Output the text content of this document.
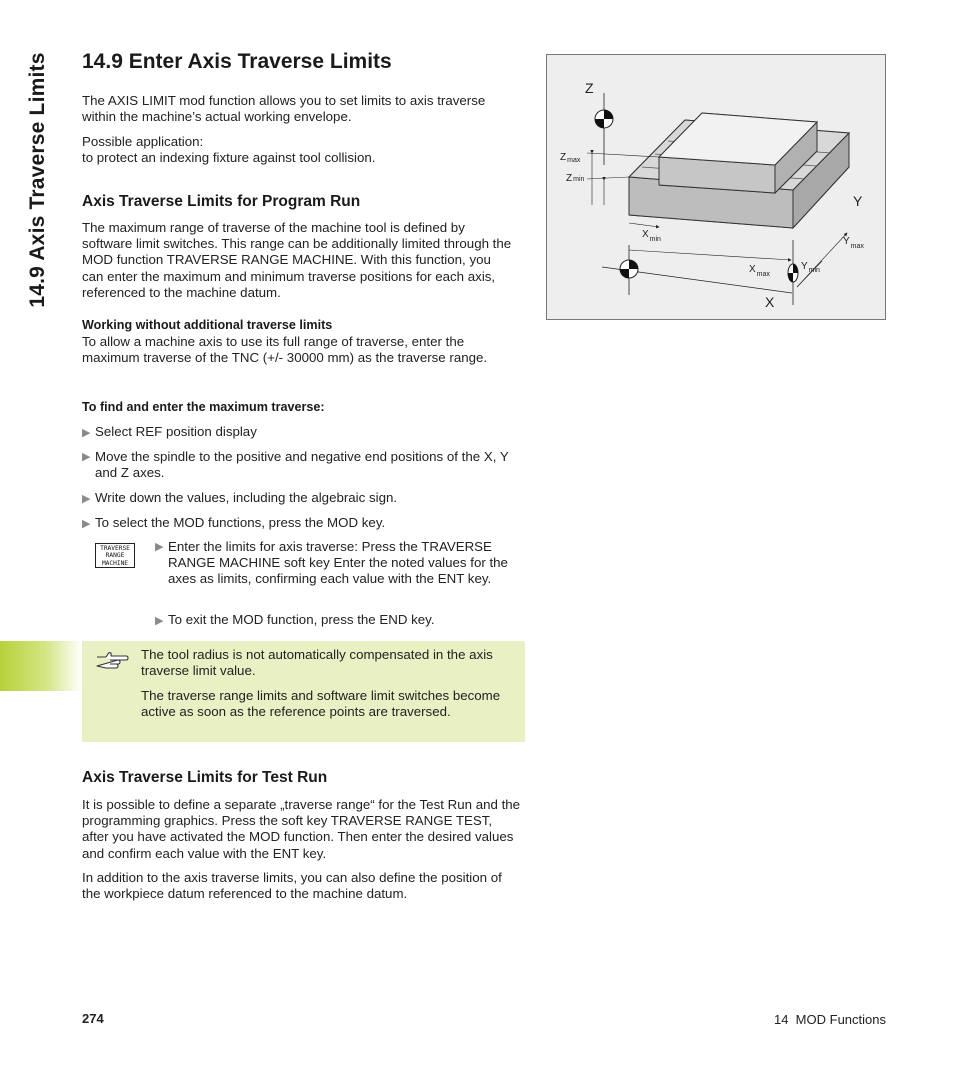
14.9 Axis Traverse Limits	14.9 Enter Axis Traverse Limits
The AXIS LIMIT mod function allows you to set limits to axis traverse within the machine’s actual working envelope.
Possible application:
to protect an indexing fixture against tool collision.
Axis Traverse Limits for Program Run
The maximum range of traverse of the machine tool is defined by software limit switches. This range can be additionally limited through the MOD function TRAVERSE RANGE MACHINE. With this function, you can enter the maximum and minimum traverse positions for each axis, referenced to the machine datum.
Working without additional traverse limits
To allow a machine axis to use its full range of traverse, enter the maximum traverse of the TNC (+/- 30000 mm) as the traverse range.
To find and enter the maximum traverse:
▶ Select REF position display
▶ Move the spindle to the positive and negative end positions of the X, Y and Z axes.
▶ Write down the values, including the algebraic sign.
▶ To select the MOD functions, press the MOD key.
TRAVERSE
RANGE
MACHINE
▶ Enter the limits for axis traverse: Press the TRAVERSE RANGE MACHINE soft key Enter the noted values for the axes as limits, confirming each value with the ENT key.
▶ To exit the MOD function, press the END key.
The tool radius is not automatically compensated in the axis traverse limit value.
The traverse range limits and software limit switches become active as soon as the reference points are traversed.
Axis Traverse Limits for Test Run
It is possible to define a separate „traverse range“ for the Test Run and the programming graphics. Press the soft key TRAVERSE RANGE TEST, after you have activated the MOD function. Then enter the desired values and confirm each value with the ENT key.
In addition to the axis traverse limits, you can also define the position of the workpiece datum referenced to the machine datum.
Z
Y
X
$Z_{max}$
Zmin
$X_{min}$
$X_{max}$
$Y_{min}$
$Y_{max}$
274	14  MOD Functions
